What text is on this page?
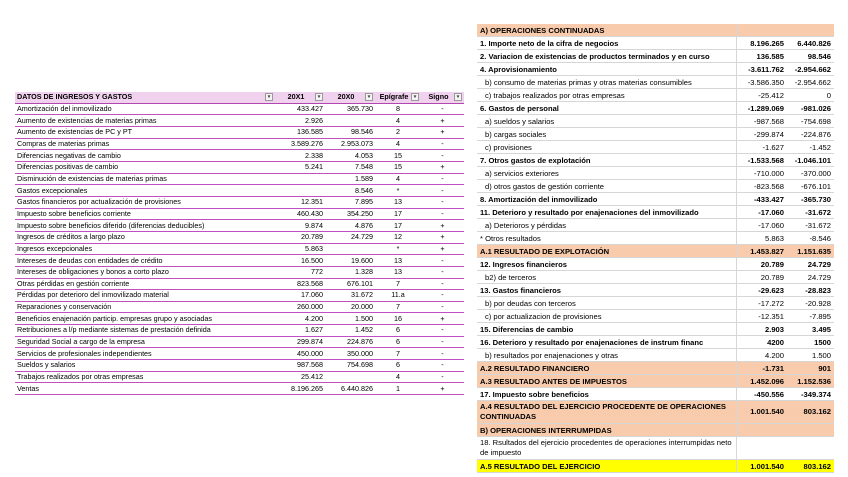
DATOS DE INGRESOS Y GASTOS ▾	20X1 ▾	20X0 ▾	Epígrafe ▾	Signo ▾

Amortización del inmovilizado	433.427	365.730	8	-
Aumento de existencias de materias primas	2.926		4	+
Aumento de existencias de PC y PT	136.585	98.546	2	+
Compras de materias primas	3.589.276	2.953.073	4	-
Diferencias negativas de cambio	2.338	4.053	15	-
Diferencias positivas de cambio	5.241	7.548	15	+
Disminución de existencias de materias primas		1.589	4	-
Gastos excepcionales		8.546	*	-
Gastos financieros por actualización de provisiones	12.351	7.895	13	-
Impuesto sobre beneficios corriente	460.430	354.250	17	-
Impuesto sobre beneficios diferido (diferencias deducibles)	9.874	4.876	17	+
Ingresos de créditos a largo plazo	20.789	24.729	12	+
Ingresos excepcionales	5.863		*	+
Intereses de deudas con entidades de crédito	16.500	19.600	13	-
Intereses de obligaciones y bonos a corto plazo	772	1.328	13	-
Otras pérdidas en gestión corriente	823.568	676.101	7	-
Pérdidas por deterioro del inmovilizado material	17.060	31.672	11.a	-
Reparaciones y conservación	260.000	20.000	7	-
Beneficios enajenación particip. empresas grupo y asociadas	4.200	1.500	16	+
Retribuciones a l/p mediante sistemas de prestación definida	1.627	1.452	6	-
Seguridad Social a cargo de la empresa	299.874	224.876	6	-
Servicios de profesionales independientes	450.000	350.000	7	-
Sueldos y salarios	987.568	754.698	6	-
Trabajos realizados por otras empresas	25.412		4	-
Ventas	8.196.265	6.440.826	1	+
A) OPERACIONES CONTINUADAS		
1. Importe neto de la cifra de negocios	8.196.265	6.440.826
2. Variacion de existencias de productos terminados y en curso	136.585	98.546
4. Aprovisionamiento	-3.611.762	-2.954.662
b) consumo de materias primas y otras materias consumibles	-3.586.350	-2.954.662
c) trabajos realizados por otras empresas	-25.412	0
6. Gastos de personal	-1.289.069	-981.026
a) sueldos y salarios	-987.568	-754.698
b) cargas sociales	-299.874	-224.876
c) provisiones	-1.627	-1.452
7. Otros gastos de explotación	-1.533.568	-1.046.101
a) servicios exteriores	-710.000	-370.000
d) otros gastos de gestión corriente	-823.568	-676.101
8. Amortización del inmovilizado	-433.427	-365.730
11. Deterioro y resultado por enajenaciones del inmovilizado	-17.060	-31.672
a) Deterioros y pérdidas	-17.060	-31.672
* Otros resultados	5.863	-8.546
A.1 RESULTADO DE EXPLOTACIÓN	1.453.827	1.151.635
12. Ingresos financieros	20.789	24.729
b2) de terceros	20.789	24.729
13. Gastos financieros	-29.623	-28.823
b) por deudas con terceros	-17.272	-20.928
c) por actualizacion de provisiones	-12.351	-7.895
15. Diferencias de cambio	2.903	3.495
16. Deterioro y resultado por enajenaciones de instrum financ	4200	1500
b) resultados por enajenaciones y otras	4.200	1.500
A.2 RESULTADO FINANCIERO	-1.731	901
A.3 RESULTADO ANTES DE IMPUESTOS	1.452.096	1.152.536
17. Impuesto sobre beneficios	-450.556	-349.374
A.4 RESULTADO DEL EJERCICIO PROCEDENTE DE OPERACIONES CONTINUADAS	1.001.540	803.162
B) OPERACIONES INTERRUMPIDAS		
18. Rsultados del ejercicio procedentes de operaciones interrumpidas neto de impuesto		
A.5 RESULTADO DEL EJERCICIO	1.001.540	803.162
